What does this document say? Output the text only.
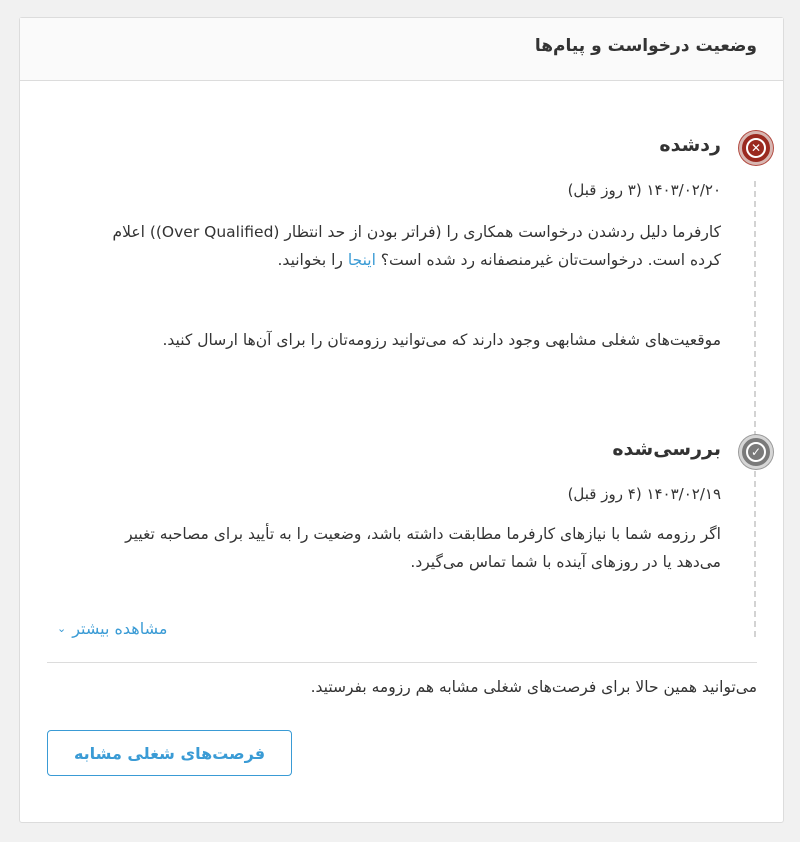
وضعیت درخواست و پیام‌ها
✕
ردشده
۱۴۰۳/۰۲/۲۰ (۳ روز قبل)
کارفرما دلیل ردشدن درخواست همکاری را (فراتر بودن از حد انتظار (Over Qualified)) اعلام کرده است. درخواست‌تان غیرمنصفانه رد شده است؟ اینجا را بخوانید.
موقعیت‌های شغلی مشابهی وجود دارند که می‌توانید رزومه‌تان را برای آن‌ها ارسال کنید.
✓
بررسی‌شده
۱۴۰۳/۰۲/۱۹ (۴ روز قبل)
اگر رزومه شما با نیازهای کارفرما مطابقت داشته باشد، وضعیت را به تأیید برای مصاحبه تغییر می‌دهد یا در روزهای آینده با شما تماس می‌گیرد.
مشاهده بیشتر
⌄
می‌توانید همین حالا برای فرصت‌های شغلی مشابه هم رزومه بفرستید.
فرصت‌های شغلی مشابه
